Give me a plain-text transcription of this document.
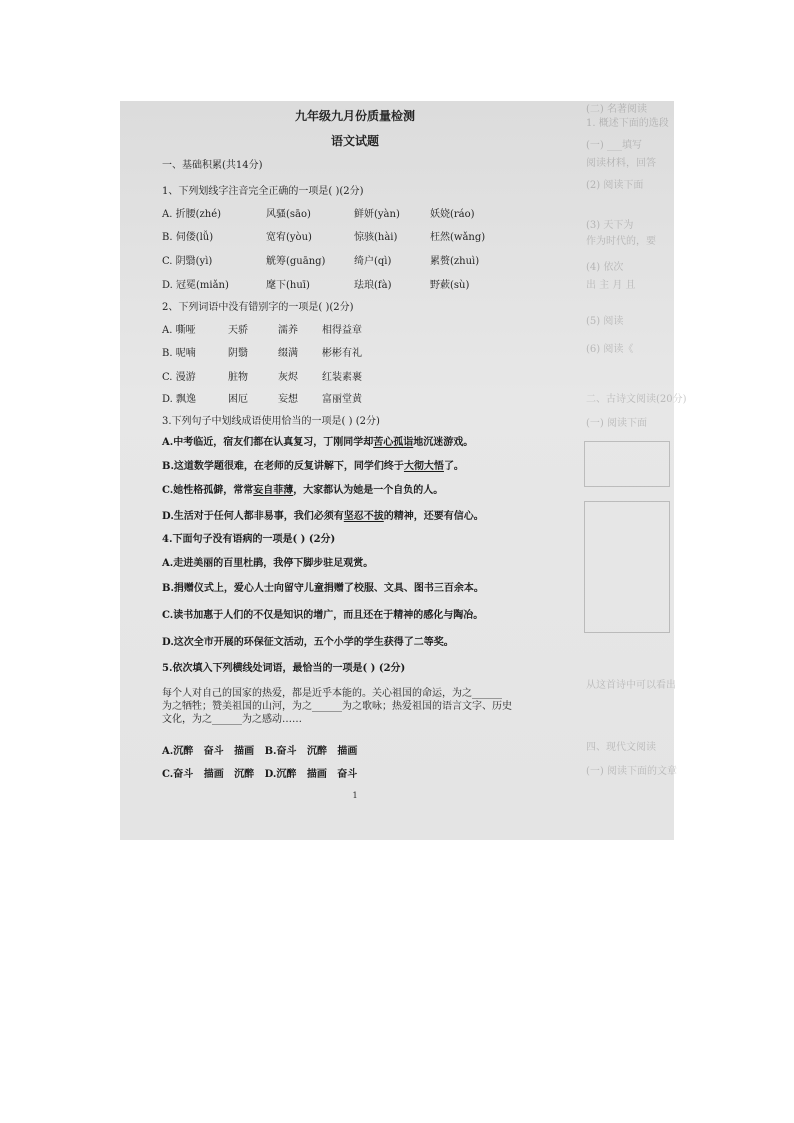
(二) 名著阅读
1. 概述下面的选段
(一) ___填写
阅读材料，回答
(2) 阅读下面
(3) 天下为
作为时代的，要
(4) 依次
出 主 月 且
(5) 阅读
(6) 阅读《
二、古诗文阅读(20分)
(一) 阅读下面
从这首诗中可以看出
四、现代文阅读
(一) 阅读下面的文章
九年级九月份质量检测
语文试题
一、基础积累(共14分)
1、下列划线字注音完全正确的一项是( )(2分)
A. 折腰(zhé)	风骚(sāo)	鲜妍(yàn)	妖娆(ráo)
B. 伺偻(lǚ)	宽宥(yòu)	惊骇(hài)	枉然(wǎng)
C. 阴翳(yì)	觥筹(guāng)	绮户(qì)	累赘(zhuì)
D. 冠冕(miǎn)	麾下(huī)	珐琅(fà)	野蔌(sù)
2、下列词语中没有错别字的一项是( )(2分)
A. 嘶哑	天骄	濡养 相得益章
B. 呢喃	阴翳	缀满 彬彬有礼
C. 漫游	脏物	灰烬 红装素裹
D. 飘逸	困厄	妄想 富丽堂黄
3.下列句子中划线成语使用恰当的一项是( ) (2分)
A.中考临近，宿友们都在认真复习，丁刚同学却苦心孤诣地沉迷游戏。
B.这道数学题很难，在老师的反复讲解下，同学们终于大彻大悟了。
C.她性格孤僻，常常妄自菲薄，大家都认为她是一个自负的人。
D.生活对于任何人都非易事，我们必须有坚忍不拔的精神，还要有信心。
4.下面句子没有语病的一项是( ) (2分)
A.走进美丽的百里杜鹃，我停下脚步驻足观赏。
B.捐赠仪式上，爱心人士向留守儿童捐赠了校服、文具、图书三百余本。
C.读书加惠于人们的不仅是知识的增广，而且还在于精神的感化与陶冶。
D.这次全市开展的环保征文活动，五个小学的学生获得了二等奖。
5.依次填入下列横线处词语，最恰当的一项是( ) (2分)
每个人对自己的国家的热爱，都是近乎本能的。关心祖国的命运，为之______
为之牺牲；赞美祖国的山河，为之______为之歌咏；热爱祖国的语言文字、历史
文化，为之______为之感动……
A.沉醉   奋斗   描画   B.奋斗   沉醉   描画
C.奋斗   描画   沉醉   D.沉醉   描画   奋斗
1
